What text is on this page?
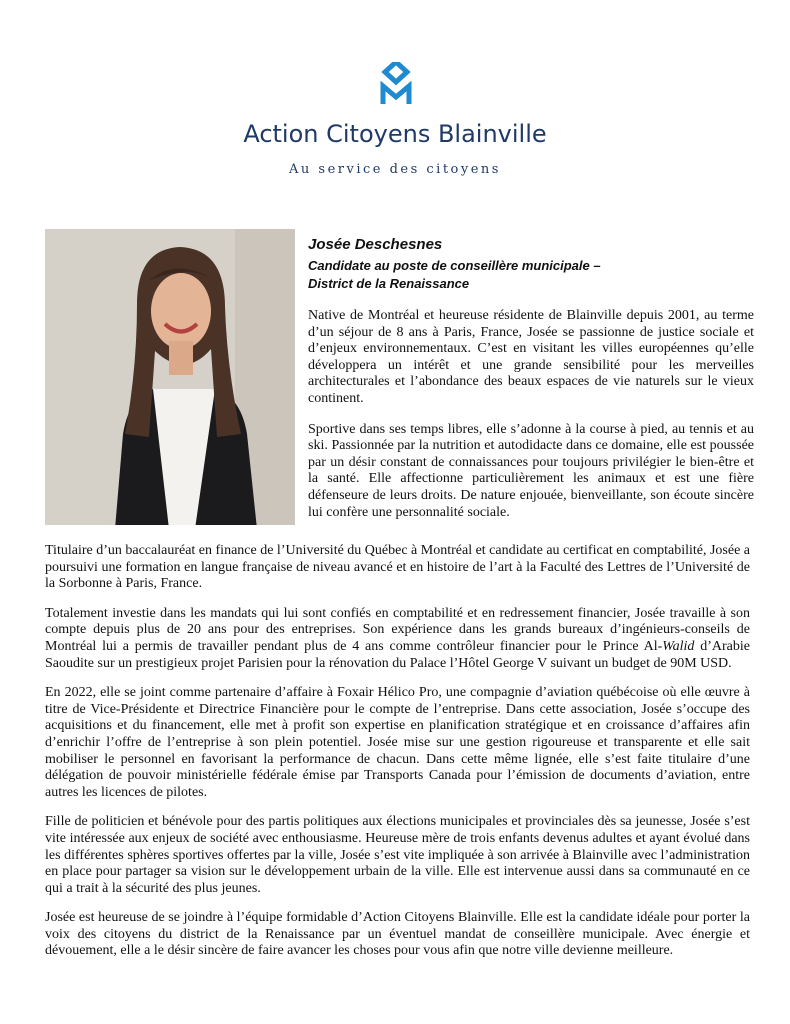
Action Citoyens Blainville
Au service des citoyens
Josée Deschesnes
Candidate au poste de conseillère municipale –
District de la Renaissance

Native de Montréal et heureuse résidente de Blainville depuis 2001, au terme d’un séjour de 8 ans à Paris, France, Josée se passionne de justice sociale et d’enjeux environnementaux. C’est en visitant les villes européennes qu’elle développera un intérêt et une grande sensibilité pour les merveilles architecturales et l’abondance des beaux espaces de vie naturels sur le vieux continent.

Sportive dans ses temps libres, elle s’adonne à la course à pied, au tennis et au ski. Passionnée par la nutrition et autodidacte dans ce domaine, elle est poussée par un désir constant de connaissances pour toujours privilégier le bien-être et la santé. Elle affectionne particulièrement les animaux et est une fière défenseure de leurs droits. De nature enjouée, bienveillante, son écoute sincère lui confère une personnalité sociale.

Titulaire d’un baccalauréat en finance de l’Université du Québec à Montréal et candidate au certificat en comptabilité, Josée a poursuivi une formation en langue française de niveau avancé et en histoire de l’art à la Faculté des Lettres de l’Université de la Sorbonne à Paris, France.

Totalement investie dans les mandats qui lui sont confiés en comptabilité et en redressement financier, Josée travaille à son compte depuis plus de 20 ans pour des entreprises. Son expérience dans les grands bureaux d’ingénieurs-conseils de Montréal lui a permis de travailler pendant plus de 4 ans comme contrôleur financier pour le Prince Al-Walid d’Arabie Saoudite sur un prestigieux projet Parisien pour la rénovation du Palace l’Hôtel George V suivant un budget de 90M USD.

En 2022, elle se joint comme partenaire d’affaire à Foxair Hélico Pro, une compagnie d’aviation québécoise où elle œuvre à titre de Vice-Présidente et Directrice Financière pour le compte de l’entreprise. Dans cette association, Josée s’occupe des acquisitions et du financement, elle met à profit son expertise en planification stratégique et en croissance d’affaires afin d’enrichir l’offre de l’entreprise à son plein potentiel. Josée mise sur une gestion rigoureuse et transparente et elle sait mobiliser le personnel en favorisant la performance de chacun. Dans cette même lignée, elle s’est faite titulaire d’une délégation de pouvoir ministérielle fédérale émise par Transports Canada pour l’émission de documents d’aviation, entre autres les licences de pilotes.

Fille de politicien et bénévole pour des partis politiques aux élections municipales et provinciales dès sa jeunesse, Josée s’est vite intéressée aux enjeux de société avec enthousiasme. Heureuse mère de trois enfants devenus adultes et ayant évolué dans les différentes sphères sportives offertes par la ville, Josée s’est vite impliquée à son arrivée à Blainville avec l’administration en place pour partager sa vision sur le développement urbain de la ville. Elle est intervenue aussi dans sa communauté en ce qui a trait à la sécurité des plus jeunes.

Josée est heureuse de se joindre à l’équipe formidable d’Action Citoyens Blainville. Elle est la candidate idéale pour porter la voix des citoyens du district de la Renaissance par un éventuel mandat de conseillère municipale. Avec énergie et dévouement, elle a le désir sincère de faire avancer les choses pour vous afin que notre ville devienne meilleure.
